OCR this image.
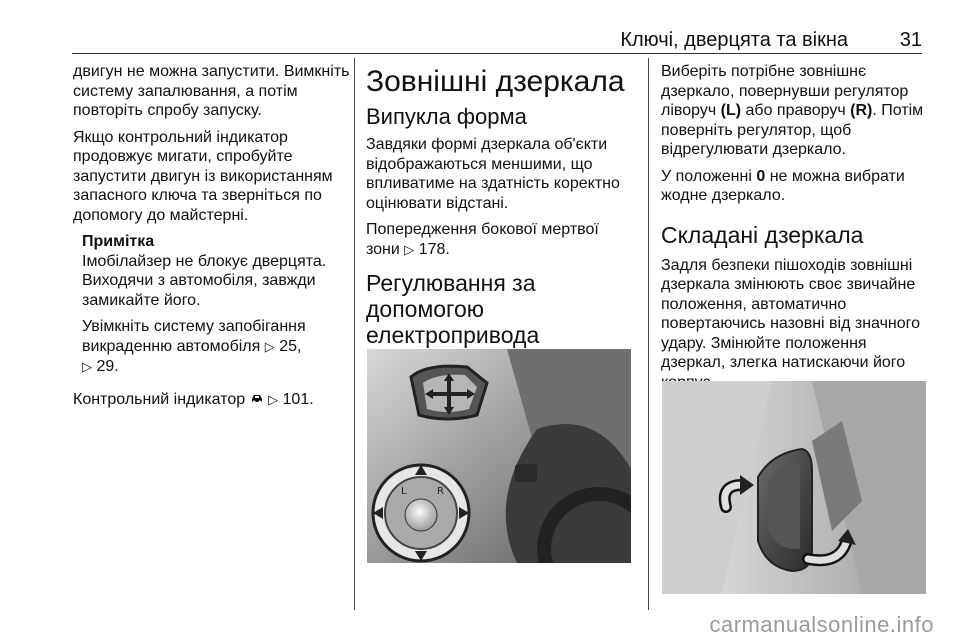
Ключі, дверцята та вікна	31

двигун не можна запустити. Вимкніть систему запалювання, а потім повторіть спробу запуску.

Якщо контрольний індикатор продовжує мигати, спробуйте запустити двигун із використанням запасного ключа та зверніться по допомогу до майстерні.

Примітка

Імобілайзер не блокує дверцята. Виходячи з автомобіля, завжди замикайте його.

Увімкніть систему запобігання викраденню автомобіля ▷ 25,
▷ 29.

Контрольний індикатор ▷ 101.

Зовнішні дзеркала
Випукла форма

Завдяки формі дзеркала об'єкти відображаються меншими, що впливатиме на здатність коректно оцінювати відстані.

Попередження бокової мертвої зони ▷ 178.

Регулювання за допомогою електропривода
L	R

Виберіть потрібне зовнішнє дзеркало, повернувши регулятор ліворуч (L) або праворуч (R). Потім поверніть регулятор, щоб відрегулювати дзеркало.

У положенні 0 не можна вибрати жодне дзеркало.

Складані дзеркала

Задля безпеки пішоходів зовнішні дзеркала змінюють своє звичайне положення, автоматично повертаючись назовні від значного удару. Змінюйте положення дзеркал, злегка натискаючи його

carmanualsonline.info
